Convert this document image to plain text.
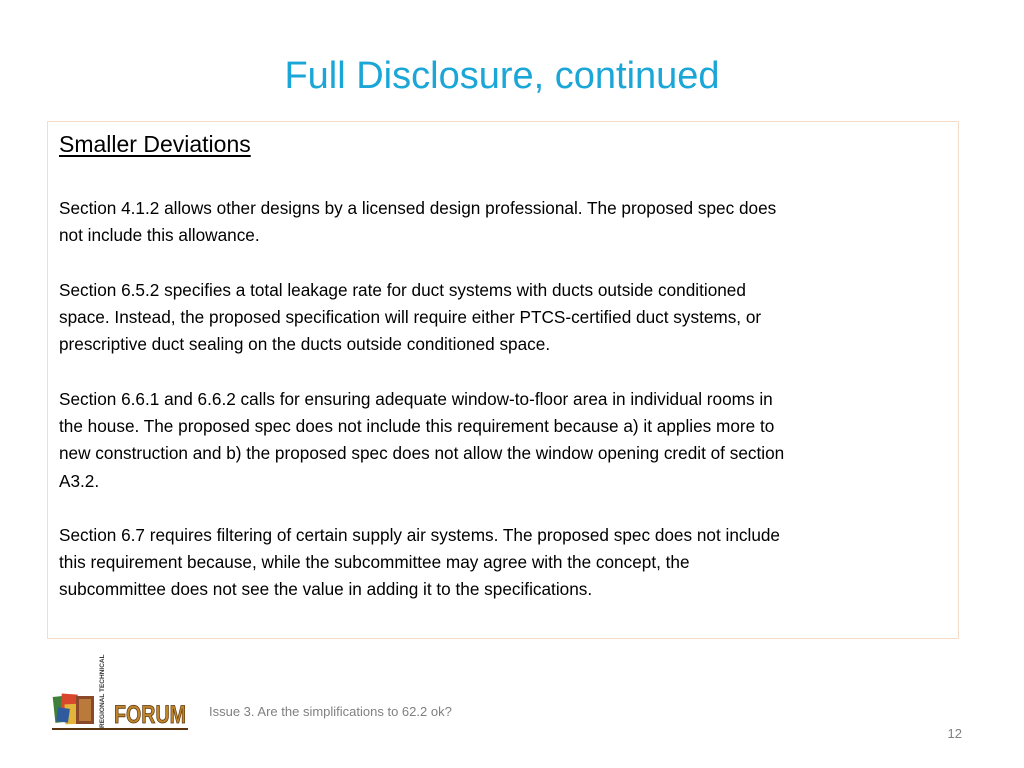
Full Disclosure, continued
Smaller Deviations
Section 4.1.2 allows other designs by a licensed design professional. The proposed spec does
not include this allowance.
Section 6.5.2 specifies a total leakage rate for duct systems with ducts outside conditioned
space. Instead, the proposed specification will require either PTCS-certified duct systems, or
prescriptive duct sealing on the ducts outside conditioned space.
Section 6.6.1 and 6.6.2 calls for ensuring adequate window-to-floor area in individual rooms in
the house. The proposed spec does not include this requirement because a) it applies more to
new construction and b) the proposed spec does not allow the window opening credit of section
A3.2.
Section 6.7 requires filtering of certain supply air systems. The proposed spec does not include
this requirement because, while the subcommittee may agree with the concept, the
subcommittee does not see the value in adding it to the specifications.
REGIONAL TECHNICAL FORUM Issue 3. Are the simplifications to 62.2 ok?
12
